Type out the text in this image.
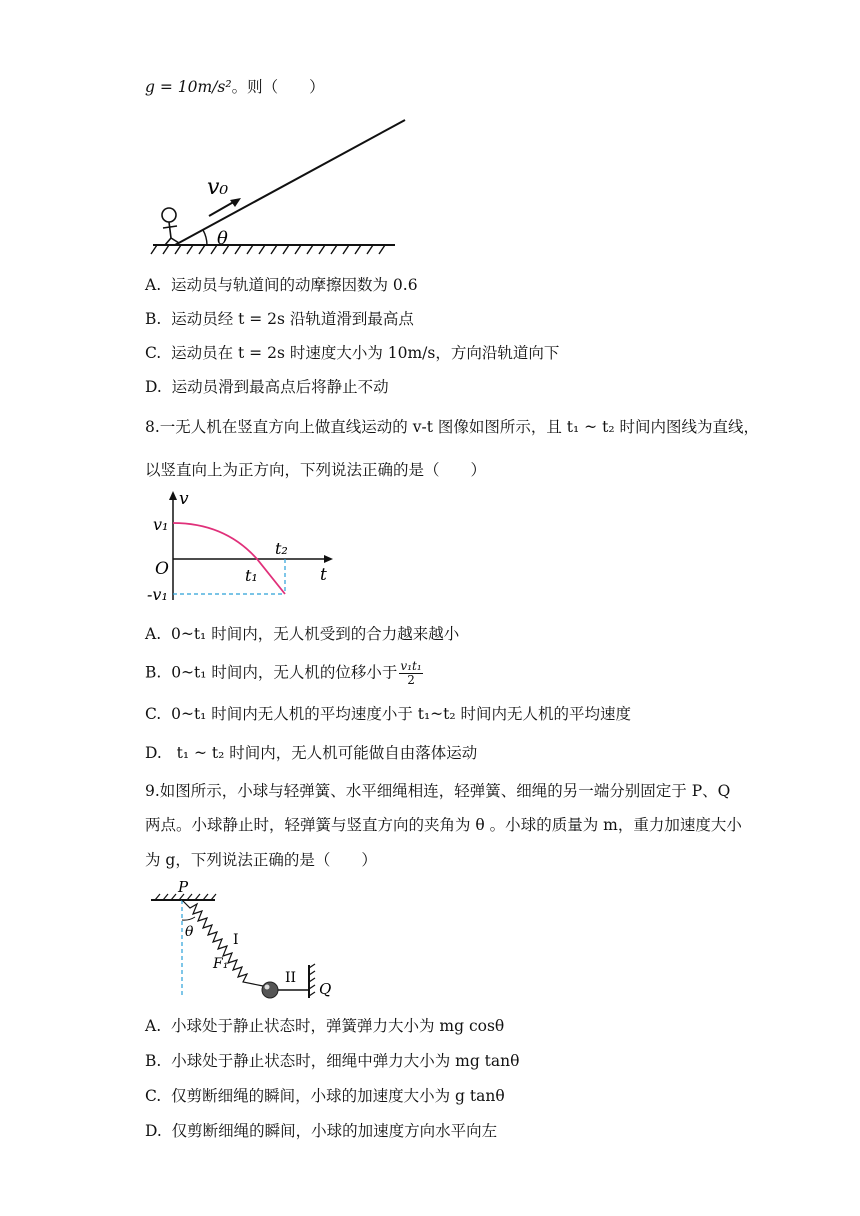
g = 10m/s²。则（　　）
θ
v₀
A. 运动员与轨道间的动摩擦因数为 0.6
B. 运动员经 t = 2s 沿轨道滑到最高点
C. 运动员在 t = 2s 时速度大小为 10m/s，方向沿轨道向下
D. 运动员滑到最高点后将静止不动
8.一无人机在竖直方向上做直线运动的 v-t 图像如图所示，且 t₁ ~ t₂ 时间内图线为直线，
以竖直向上为正方向，下列说法正确的是（　　）
v
t
v₁
O
-v₁
t₁
t₂
A. 0~t₁ 时间内，无人机受到的合力越来越小
B. 0~t₁ 时间内，无人机的位移小于 $\frac{\text{v₁t₁}}{2}$
C. 0~t₁ 时间内无人机的平均速度小于 t₁~t₂ 时间内无人机的平均速度
D.   t₁ ~ t₂ 时间内，无人机可能做自由落体运动
9.如图所示，小球与轻弹簧、水平细绳相连，轻弹簧、细绳的另一端分别固定于 P、Q
两点。小球静止时，轻弹簧与竖直方向的夹角为 θ 。小球的质量为 m，重力加速度大小
为 g，下列说法正确的是（　　）
P
θ	I
F₁
II
Q
A. 小球处于静止状态时，弹簧弹力大小为 mg cosθ
B. 小球处于静止状态时，细绳中弹力大小为 mg tanθ
C. 仅剪断细绳的瞬间，小球的加速度大小为 g tanθ
D. 仅剪断细绳的瞬间，小球的加速度方向水平向左
